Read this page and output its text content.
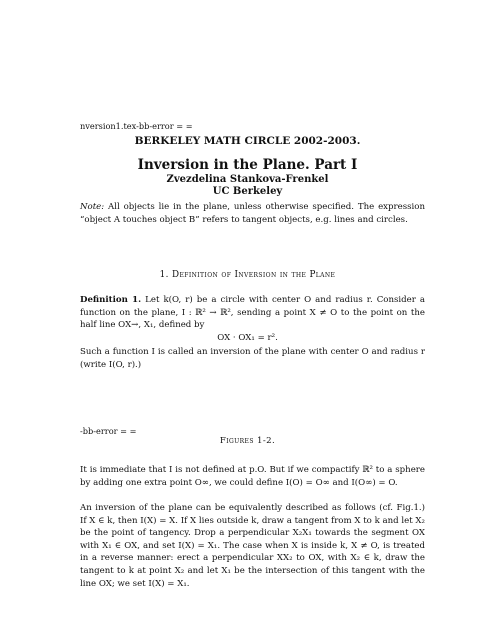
nversion1.tex-bb-error = =
BERKELEY MATH CIRCLE 2002-2003.
Inversion in the Plane. Part I
Zvezdelina Stankova-Frenkel
UC Berkeley
Note: All objects lie in the plane, unless otherwise specified. The expression “object A touches object B” refers to tangent objects, e.g. lines and circles.
1. Definition of Inversion in the Plane
Definition 1. Let k(O, r) be a circle with center O and radius r. Consider a function on the plane, I : ℝ² → ℝ², sending a point X ≠ O to the point on the half line OX→, X₁, defined by
OX · OX₁ = r².
Such a function I is called an inversion of the plane with center O and radius r (write I(O, r).)
-bb-error = =
Figures 1-2.
It is immediate that I is not defined at p.O. But if we compactify ℝ² to a sphere by adding one extra point O∞, we could define I(O) = O∞ and I(O∞) = O.
An inversion of the plane can be equivalently described as follows (cf. Fig.1.) If X ∈ k, then I(X) = X. If X lies outside k, draw a tangent from X to k and let X₂ be the point of tangency. Drop a perpendicular X₂X₁ towards the segment OX with X₁ ∈ OX, and set I(X) = X₁. The case when X is inside k, X ≠ O, is treated in a reverse manner: erect a perpendicular XX₂ to OX, with X₂ ∈ k, draw the tangent to k at point X₂ and let X₁ be the intersection of this tangent with the line OX; we set I(X) = X₁.
